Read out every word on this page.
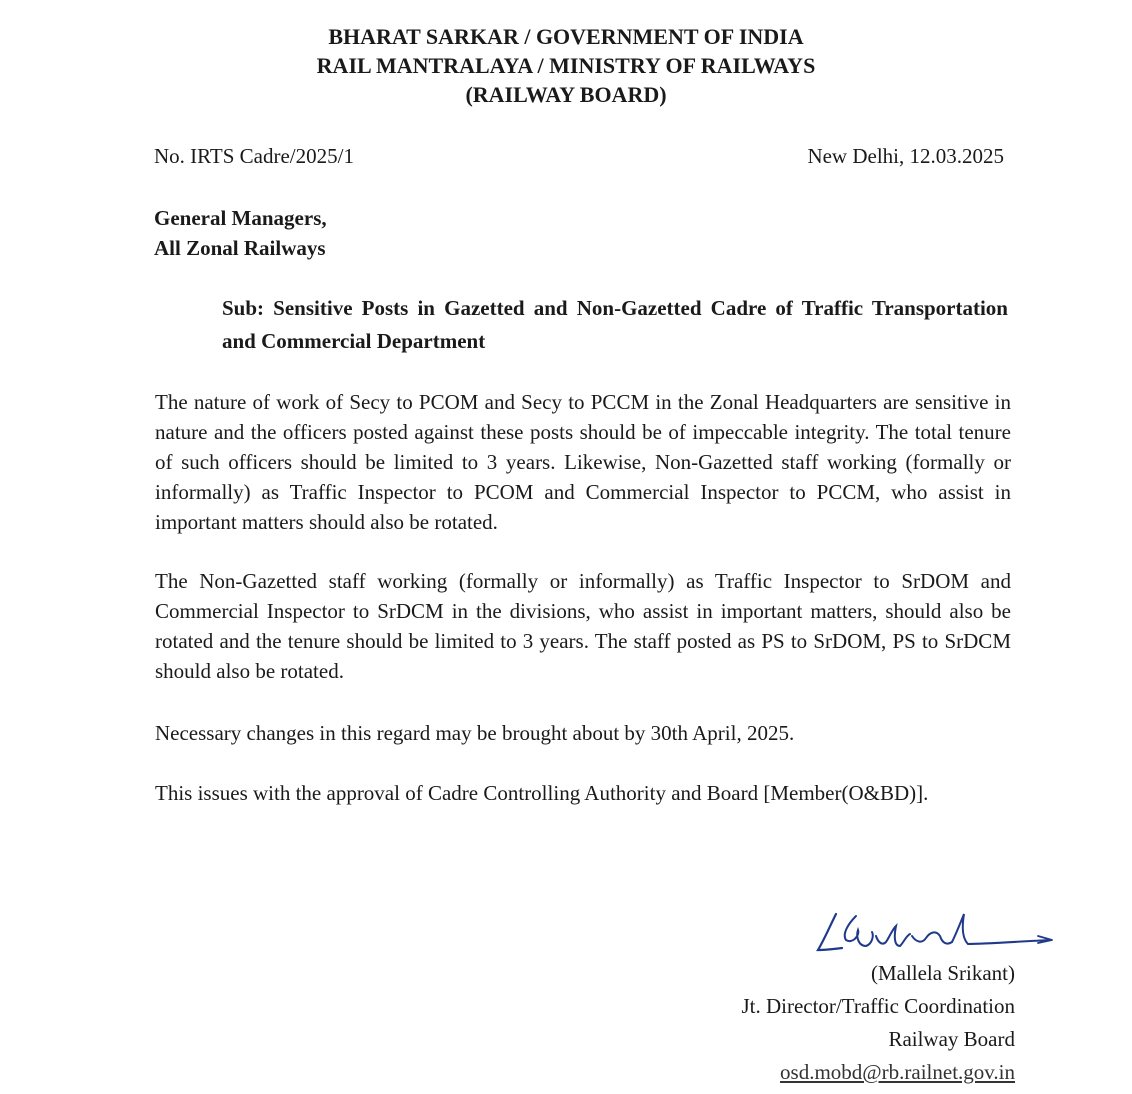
BHARAT SARKAR / GOVERNMENT OF INDIA
RAIL MANTRALAYA / MINISTRY OF RAILWAYS
(RAILWAY BOARD)
No. IRTS Cadre/2025/1	New Delhi, 12.03.2025
General Managers,
All Zonal Railways
Sub: Sensitive Posts in Gazetted and Non-Gazetted Cadre of Traffic Transportation and Commercial Department

The nature of work of Secy to PCOM and Secy to PCCM in the Zonal Headquarters are sensitive in nature and the officers posted against these posts should be of impeccable integrity. The total tenure of such officers should be limited to 3 years. Likewise, Non-Gazetted staff working (formally or informally) as Traffic Inspector to PCOM and Commercial Inspector to PCCM, who assist in important matters should also be rotated.

The Non-Gazetted staff working (formally or informally) as Traffic Inspector to SrDOM and Commercial Inspector to SrDCM in the divisions, who assist in important matters, should also be rotated and the tenure should be limited to 3 years. The staff posted as PS to SrDOM, PS to SrDCM should also be rotated.

Necessary changes in this regard may be brought about by 30th April, 2025.

This issues with the approval of Cadre Controlling Authority and Board [Member(O&BD)].

(Mallela Srikant)
Jt. Director/Traffic Coordination
Railway Board
osd.mobd@rb.railnet.gov.in
